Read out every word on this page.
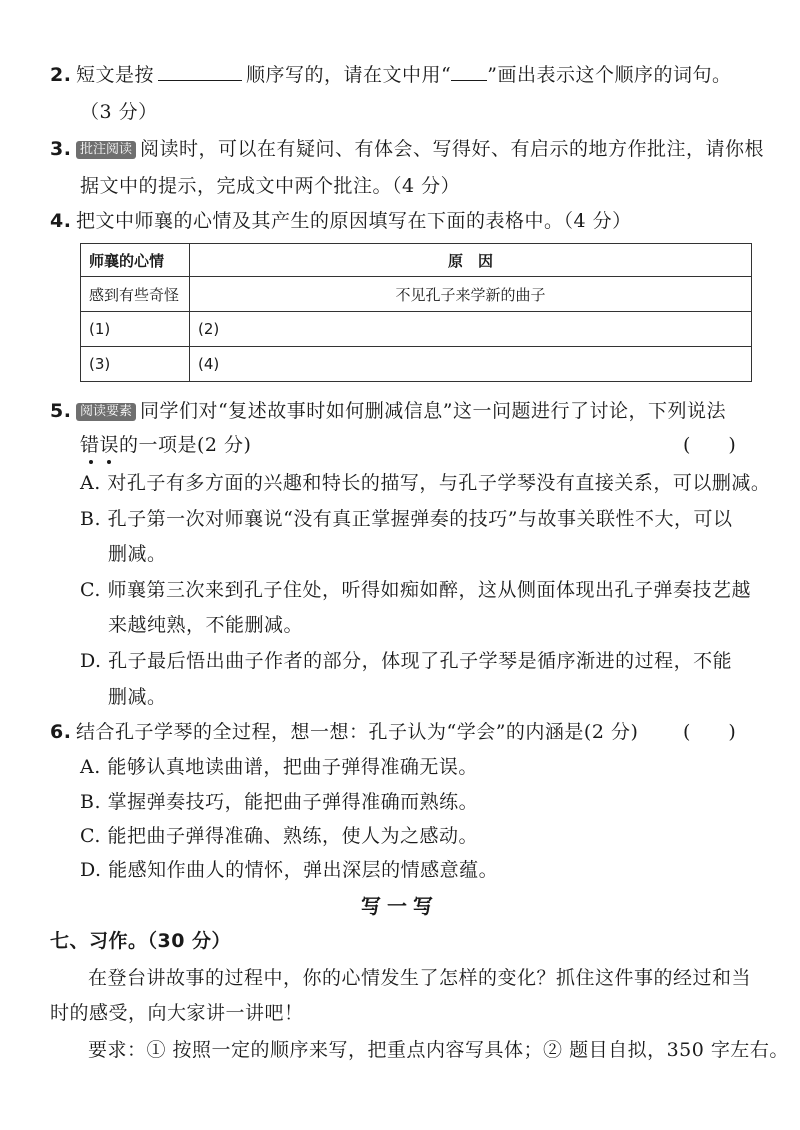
2. 短文是按	顺序写的，请在文中用“ ”画出表示这个顺序的词句。
（3 分）
3. 批注阅读 阅读时，可以在有疑问、有体会、写得好、有启示的地方作批注，请你根
据文中的提示，完成文中两个批注。（4 分）
4. 把文中师襄的心情及其产生的原因填写在下面的表格中。（4 分）
师襄的心情	原　因
感到有些奇怪	不见孔子来学新的曲子
(1)	(2)
(3)	(4)
5. 阅读要素 同学们对“复述故事时如何删减信息”这一问题进行了讨论，下列说法
错误的一项是(2 分)	(　　)
A. 对孔子有多方面的兴趣和特长的描写，与孔子学琴没有直接关系，可以删减。
B. 孔子第一次对师襄说“没有真正掌握弹奏的技巧”与故事关联性不大，可以
删减。
C. 师襄第三次来到孔子住处，听得如痴如醉，这从侧面体现出孔子弹奏技艺越
来越纯熟，不能删减。
D. 孔子最后悟出曲子作者的部分，体现了孔子学琴是循序渐进的过程，不能
删减。
6. 结合孔子学琴的全过程，想一想：孔子认为“学会”的内涵是(2 分) (　　)
A. 能够认真地读曲谱，把曲子弹得准确无误。
B. 掌握弹奏技巧，能把曲子弹得准确而熟练。
C. 能把曲子弹得准确、熟练，使人为之感动。
D. 能感知作曲人的情怀，弹出深层的情感意蕴。
写一写
七、习作。（30 分）
在登台讲故事的过程中，你的心情发生了怎样的变化？抓住这件事的经过和当
时的感受，向大家讲一讲吧！
要求：① 按照一定的顺序来写，把重点内容写具体；② 题目自拟，350 字左右。
